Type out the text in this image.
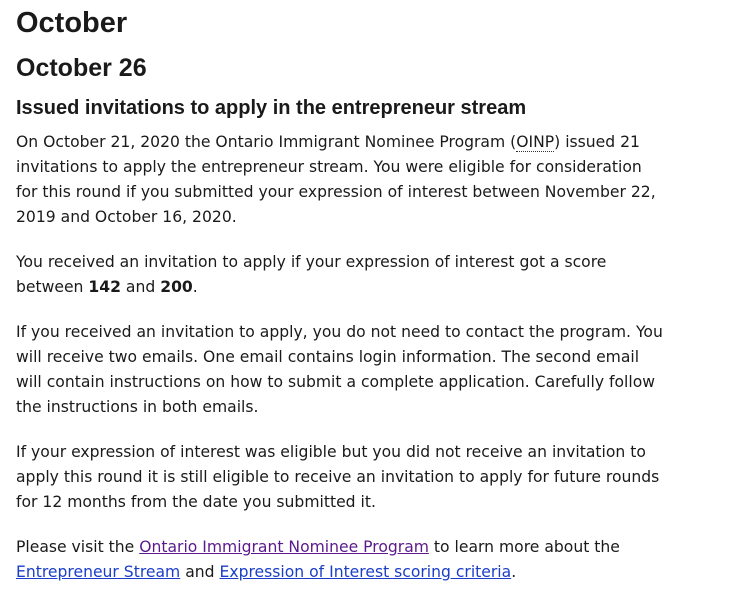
October
October 26
Issued invitations to apply in the entrepreneur stream

On October 21, 2020 the Ontario Immigrant Nominee Program (OINP) issued 21 invitations to apply the entrepreneur stream. You were eligible for consideration for this round if you submitted your expression of interest between November 22, 2019 and October 16, 2020.

You received an invitation to apply if your expression of interest got a score between 142 and 200.

If you received an invitation to apply, you do not need to contact the program. You will receive two emails. One email contains login information. The second email will contain instructions on how to submit a complete application. Carefully follow the instructions in both emails.

If your expression of interest was eligible but you did not receive an invitation to apply this round it is still eligible to receive an invitation to apply for future rounds for 12 months from the date you submitted it.

Please visit the Ontario Immigrant Nominee Program to learn more about the Entrepreneur Stream and Expression of Interest scoring criteria.
